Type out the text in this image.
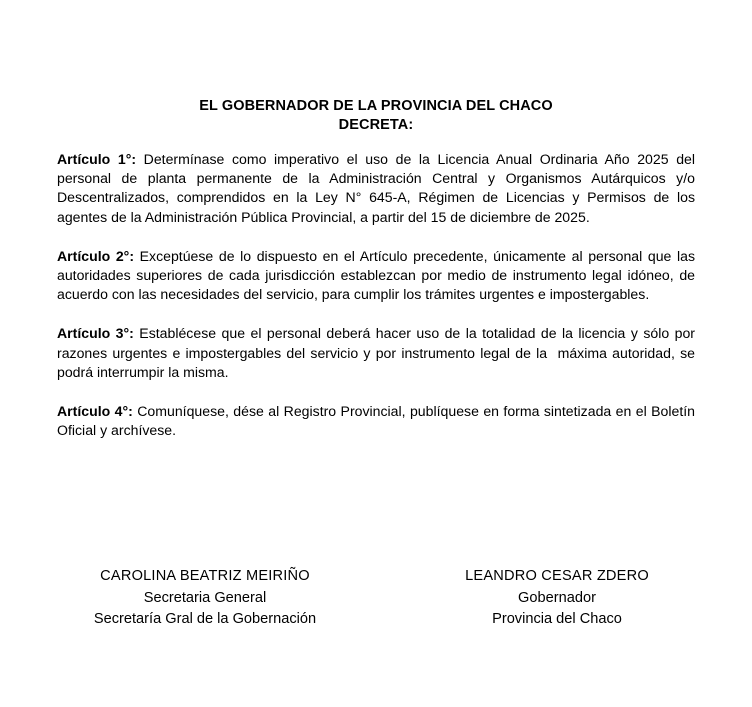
EL GOBERNADOR DE LA PROVINCIA DEL CHACO
DECRETA:

Artículo 1°: Determínase como imperativo el uso de la Licencia Anual Ordinaria Año 2025 del personal de planta permanente de la Administración Central y Organismos Autárquicos y/o Descentralizados, comprendidos en la Ley N° 645-A, Régimen de Licencias y Permisos de los agentes de la Administración Pública Provincial, a partir del 15 de diciembre de 2025.

Artículo 2°: Exceptúese de lo dispuesto en el Artículo precedente, únicamente al personal que las autoridades superiores de cada jurisdicción establezcan por medio de instrumento legal idóneo, de acuerdo con las necesidades del servicio, para cumplir los trámites urgentes e impostergables.

Artículo 3°: Establécese que el personal deberá hacer uso de la totalidad de la licencia y sólo por razones urgentes e impostergables del servicio y por instrumento legal de la  máxima autoridad, se podrá interrumpir la misma.

Artículo 4°: Comuníquese, dése al Registro Provincial, publíquese en forma sintetizada en el Boletín Oficial y archívese.

CAROLINA BEATRIZ MEIRIÑO
Secretaria General
Secretaría Gral de la Gobernación
LEANDRO CESAR ZDERO
Gobernador
Provincia del Chaco
